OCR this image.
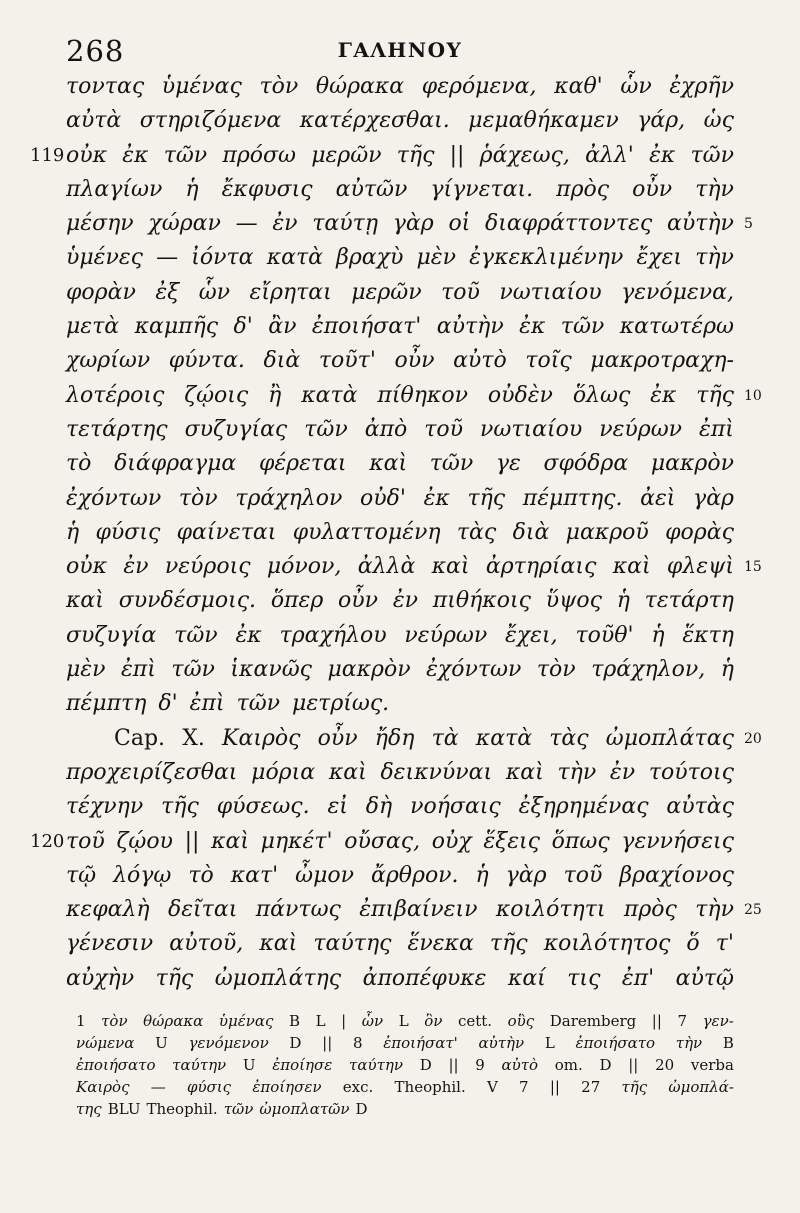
268	ΓΑΛΗΝΟΥ
τοντας ὑμένας τὸν θώρακα φερόμενα, καθ' ὧν ἐχρῆν
αὐτὰ στηριζόμενα κατέρχεσθαι. μεμαθήκαμεν γάρ, ὡς
119 οὐκ ἐκ τῶν πρόσω μερῶν τῆς || ῥάχεως, ἀλλ' ἐκ τῶν
πλαγίων ἡ ἔκφυσις αὐτῶν γίγνεται. πρὸς οὖν τὴν
μέσην χώραν — ἐν ταύτῃ γὰρ οἱ διαφράττοντες αὐτὴν 5
ὑμένες — ἰόντα κατὰ βραχὺ μὲν ἐγκεκλιμένην ἔχει τὴν
φορὰν ἐξ ὧν εἴρηται μερῶν τοῦ νωτιαίου γενόμενα,
μετὰ καμπῆς δ' ἂν ἐποιήσατ' αὐτὴν ἐκ τῶν κατωτέρω
χωρίων φύντα. διὰ τοῦτ' οὖν αὐτὸ τοῖς μακροτραχη-
λοτέροις ζῴοις ἢ κατὰ πίθηκον οὐδὲν ὅλως ἐκ τῆς 10
τετάρτης συζυγίας τῶν ἀπὸ τοῦ νωτιαίου νεύρων ἐπὶ
τὸ διάφραγμα φέρεται καὶ τῶν γε σφόδρα μακρὸν
ἐχόντων τὸν τράχηλον οὐδ' ἐκ τῆς πέμπτης. ἀεὶ γὰρ
ἡ φύσις φαίνεται φυλαττομένη τὰς διὰ μακροῦ φορὰς
οὐκ ἐν νεύροις μόνον, ἀλλὰ καὶ ἀρτηρίαις καὶ φλεψὶ 15
καὶ συνδέσμοις. ὅπερ οὖν ἐν πιθήκοις ὕψος ἡ τετάρτη
συζυγία τῶν ἐκ τραχήλου νεύρων ἔχει, τοῦθ' ἡ ἕκτη
μὲν ἐπὶ τῶν ἱκανῶς μακρὸν ἐχόντων τὸν τράχηλον, ἡ
πέμπτη δ' ἐπὶ τῶν μετρίως.
Cap. X. Καιρὸς οὖν ἤδη τὰ κατὰ τὰς ὠμοπλάτας 20
προχειρίζεσθαι μόρια καὶ δεικνύναι καὶ τὴν ἐν τούτοις
τέχνην τῆς φύσεως. εἰ δὴ νοήσαις ἐξηρημένας αὐτὰς
120 τοῦ ζῴου || καὶ μηκέτ' οὔσας, οὐχ ἕξεις ὅπως γεννήσεις
τῷ λόγῳ τὸ κατ' ὦμον ἄρθρον. ἡ γὰρ τοῦ βραχίονος
κεφαλὴ δεῖται πάντως ἐπιβαίνειν κοιλότητι πρὸς τὴν 25
γένεσιν αὐτοῦ, καὶ ταύτης ἕνεκα τῆς κοιλότητος ὅ τ'
αὐχὴν τῆς ὠμοπλάτης ἀποπέφυκε καί τις ἐπ' αὐτῷ
1 τὸν θώρακα ὑμένας B L | ὧν L ὃν cett. οὓς Daremberg || 7 γεν-
νώμενα U γενόμενον D || 8 ἐποιήσατ' αὐτὴν L ἐποιήσατο τὴν B
ἐποιήσατο ταύτην U ἐποίησε ταύτην D || 9 αὐτὸ om. D || 20 verba
Καιρὸς — φύσις ἐποίησεν exc. Theophil. V 7 || 27 τῆς ὠμοπλά-
της BLU Theophil. τῶν ὠμοπλατῶν D
